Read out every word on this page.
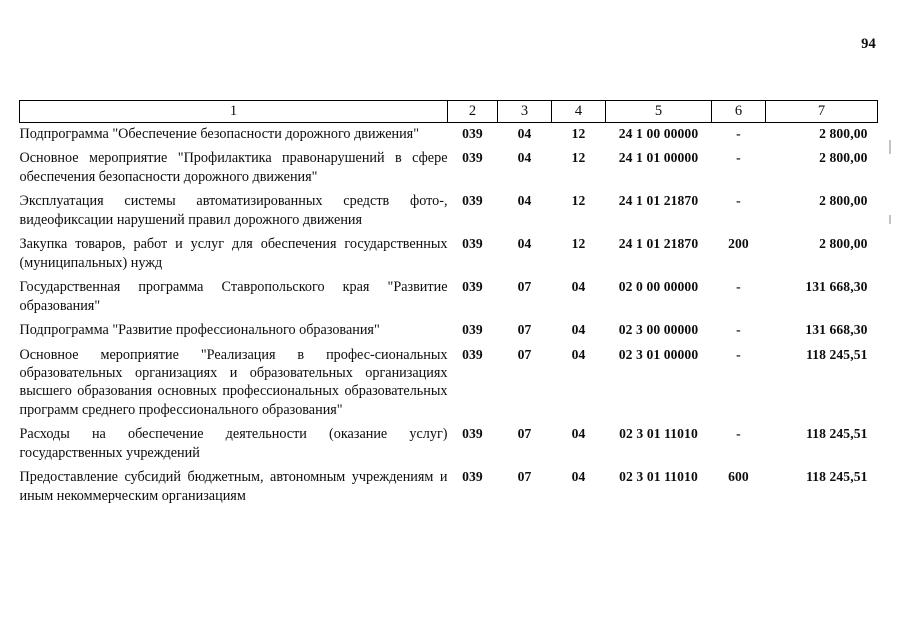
94
1	2	3	4	5	6	7
Подпрограмма "Обеспечение безопасности дорожного движения"	039	04	12	24 1 00 00000	-	2 800,00
Основное мероприятие "Профилактика правонарушений в сфере обеспечения безопасности дорожного движения"	039	04	12	24 1 01 00000	-	2 800,00
Эксплуатация системы автоматизированных средств фото-, видеофиксации нарушений правил дорожного движения	039	04	12	24 1 01 21870	-	2 800,00
Закупка товаров, работ и услуг для обеспечения государственных (муниципальных) нужд	039	04	12	24 1 01 21870	200	2 800,00
Государственная программа Ставропольского края "Развитие образования"	039	07	04	02 0 00 00000	-	131 668,30
Подпрограмма "Развитие профессионального образования"	039	07	04	02 3 00 00000	-	131 668,30
Основное мероприятие "Реализация в профес-сиональных образовательных организациях и образовательных организациях высшего образования основных профессиональных образовательных программ среднего профессионального образования"	039	07	04	02 3 01 00000	-	118 245,51
Расходы на обеспечение деятельности (оказание услуг) государственных учреждений	039	07	04	02 3 01 11010	-	118 245,51
Предоставление субсидий бюджетным, автономным учреждениям и иным некоммерческим организациям	039	07	04	02 3 01 11010	600	118 245,51
